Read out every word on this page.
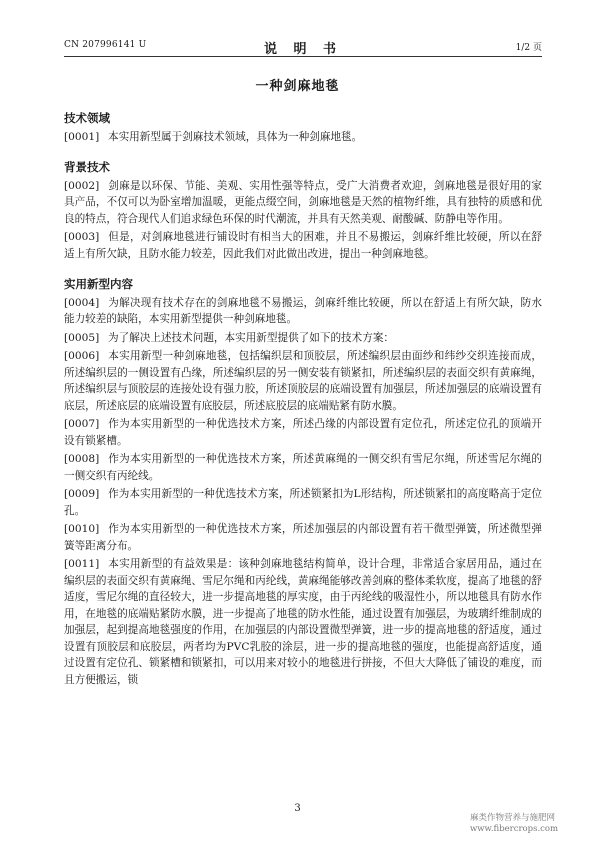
CN 207996141 U	说 明 书	1/2 页
一种剑麻地毯
技术领域
[0001] 本实用新型属于剑麻技术领域，具体为一种剑麻地毯。
背景技术
[0002] 剑麻是以环保、节能、美观、实用性强等特点，受广大消费者欢迎，剑麻地毯是很好用的家具产品，不仅可以为卧室增加温暖，更能点缀空间，剑麻地毯是天然的植物纤维，具有独特的质感和优良的特点，符合现代人们追求绿色环保的时代潮流，并具有天然美观、耐酸碱、防静电等作用。
[0003] 但是，对剑麻地毯进行铺设时有相当大的困难，并且不易搬运，剑麻纤维比较硬，所以在舒适上有所欠缺，且防水能力较差，因此我们对此做出改进，提出一种剑麻地毯。
实用新型内容
[0004] 为解决现有技术存在的剑麻地毯不易搬运，剑麻纤维比较硬，所以在舒适上有所欠缺，防水能力较差的缺陷，本实用新型提供一种剑麻地毯。
[0005] 为了解决上述技术问题，本实用新型提供了如下的技术方案：
[0006] 本实用新型一种剑麻地毯，包括编织层和顶胶层，所述编织层由面纱和纬纱交织连接而成，所述编织层的一侧设置有凸缘，所述编织层的另一侧安装有锁紧扣，所述编织层的表面交织有黄麻绳，所述编织层与顶胶层的连接处设有强力胶，所述顶胶层的底端设置有加强层，所述加强层的底端设置有底层，所述底层的底端设置有底胶层，所述底胶层的底端贴紧有防水膜。
[0007] 作为本实用新型的一种优选技术方案，所述凸缘的内部设置有定位孔，所述定位孔的顶端开设有锁紧槽。
[0008] 作为本实用新型的一种优选技术方案，所述黄麻绳的一侧交织有雪尼尔绳，所述雪尼尔绳的一侧交织有丙纶线。
[0009] 作为本实用新型的一种优选技术方案，所述锁紧扣为L形结构，所述锁紧扣的高度略高于定位孔。
[0010] 作为本实用新型的一种优选技术方案，所述加强层的内部设置有若干微型弹簧，所述微型弹簧等距离分布。
[0011] 本实用新型的有益效果是：该种剑麻地毯结构简单，设计合理，非常适合家居用品，通过在编织层的表面交织有黄麻绳、雪尼尔绳和丙纶线，黄麻绳能够改善剑麻的整体柔软度，提高了地毯的舒适度，雪尼尔绳的直径较大，进一步提高地毯的厚实度，由于丙纶线的吸湿性小，所以地毯具有防水作用，在地毯的底端贴紧防水膜，进一步提高了地毯的防水性能，通过设置有加强层，为玻璃纤维制成的加强层，起到提高地毯强度的作用，在加强层的内部设置微型弹簧，进一步的提高地毯的舒适度，通过设置有顶胶层和底胶层，两者均为PVC乳胶的涂层，进一步的提高地毯的强度，也能提高舒适度，通过设置有定位孔、锁紧槽和锁紧扣，可以用来对较小的地毯进行拼接，不但大大降低了铺设的难度，而且方便搬运，锁
3
麻类作物营养与施肥网
www.fibercrops.com
